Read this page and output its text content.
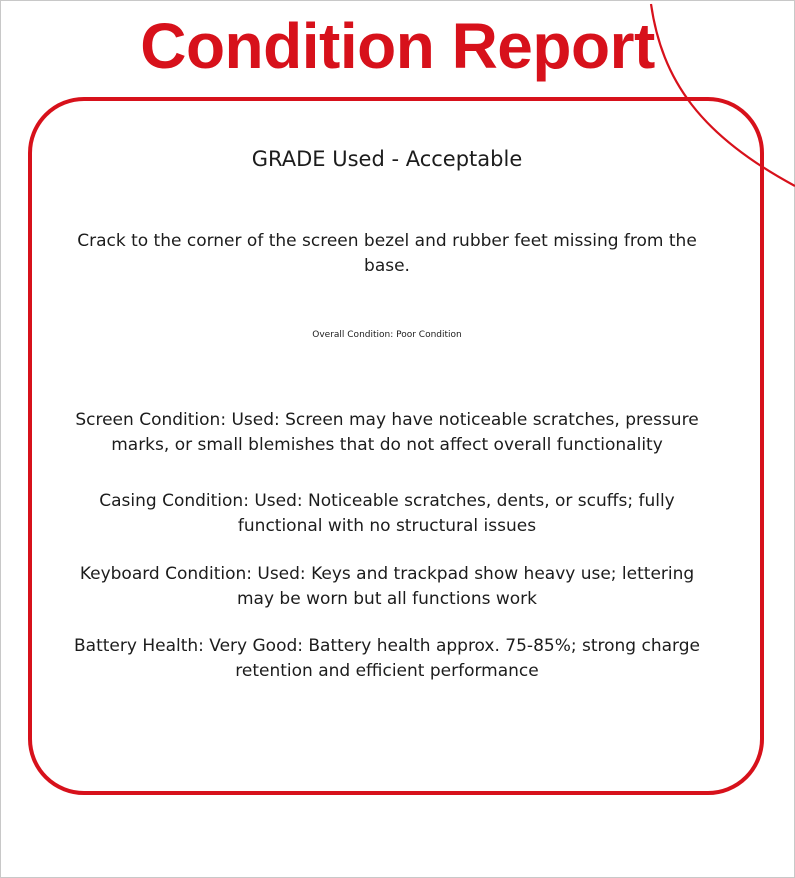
Condition Report
GRADE Used - Acceptable
Crack to the corner of the screen bezel and rubber feet missing from the base.
Overall Condition: Poor Condition
Screen Condition: Used: Screen may have noticeable scratches, pressure marks, or small blemishes that do not affect overall functionality
Casing Condition: Used: Noticeable scratches, dents, or scuffs; fully functional with no structural issues
Keyboard Condition: Used: Keys and trackpad show heavy use; lettering may be worn but all functions work
Battery Health: Very Good: Battery health approx. 75-85%; strong charge retention and efficient performance
